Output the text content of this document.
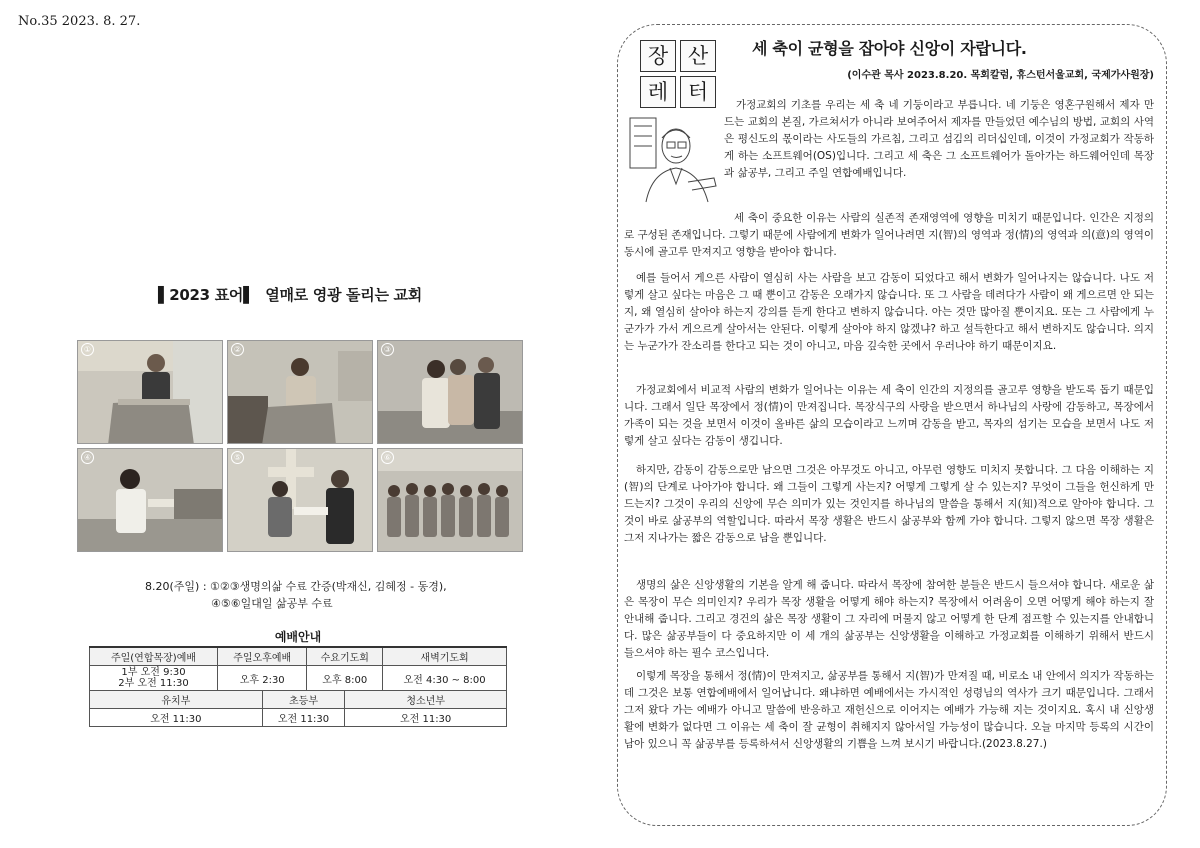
No.35 2023. 8. 27.
▌2023 표어▌ 열매로 영광 돌리는 교회
①	②	③
④	⑤	⑥
8.20(주일) : ①②③생명의삶 수료 간증(박재신, 김혜정 - 동경),
④⑤⑥일대일 삶공부 수료
예배안내					
주일(연합목장)예배	주일오후예배		수요기도회		새벽기도회

1부 오전 9:30
2부 오전 11:30	오후 2:30		오후 8:00		오전 4:30 ~ 8:00
유치부		초등부		청소년부	
오전 11:30		오전 11:30		오전 11:30	
장 산
레 터
세 축이 균형을 잡아야 신앙이 자랍니다.
(이수관 목사 2023.8.20. 목회칼럼, 휴스턴서울교회, 국제가사원장)

가정교회의 기초를 우리는 세 축 네 기둥이라고 부릅니다. 네 기둥은 영혼구원해서 제자 만드는 교회의 본질, 가르쳐서가 아니라 보여주어서 제자를 만들었던 예수님의 방법, 교회의 사역은 평신도의 몫이라는 사도들의 가르침, 그리고 섬김의 리더십인데, 이것이 가정교회가 작동하게 하는 소프트웨어(OS)입니다. 그리고 세 축은 그 소프트웨어가 돌아가는 하드웨어인데 목장과 삶공부, 그리고 주일 연합예배입니다.

세 축이 중요한 이유는 사람의 실존적 존재영역에 영향을 미치기 때문입니다. 인간은 지정의로 구성된 존재입니다. 그렇기 때문에 사람에게 변화가 일어나려면 지(智)의 영역과 정(情)의 영역과 의(意)의 영역이 동시에 골고루 만져지고 영향을 받아야 합니다.

예를 들어서 게으른 사람이 열심히 사는 사람을 보고 감동이 되었다고 해서 변화가 일어나지는 않습니다. 나도 저렇게 살고 싶다는 마음은 그 때 뿐이고 감동은 오래가지 않습니다. 또 그 사람을 데려다가 사람이 왜 게으르면 안 되는지, 왜 열심히 살아야 하는지 강의를 듣게 한다고 변하지 않습니다. 아는 것만 많아질 뿐이지요. 또는 그 사람에게 누군가가 가서 게으르게 살아서는 안된다. 이렇게 살아야 하지 않겠냐? 하고 설득한다고 해서 변하지도 않습니다. 의지는 누군가가 잔소리를 한다고 되는 것이 아니고, 마음 깊숙한 곳에서 우러나야 하기 때문이지요.

가정교회에서 비교적 사람의 변화가 일어나는 이유는 세 축이 인간의 지정의를 골고루 영향을 받도록 돕기 때문입니다. 그래서 일단 목장에서 정(情)이 만져집니다. 목장식구의 사랑을 받으면서 하나님의 사랑에 감동하고, 목장에서 가족이 되는 것을 보면서 이것이 올바른 삶의 모습이라고 느끼며 감동을 받고, 목자의 섬기는 모습을 보면서 나도 저렇게 살고 싶다는 감동이 생깁니다.

하지만, 감동이 감동으로만 남으면 그것은 아무것도 아니고, 아무런 영향도 미치지 못합니다. 그 다음 이해하는 지(智)의 단계로 나아가야 합니다. 왜 그들이 그렇게 사는지? 어떻게 그렇게 살 수 있는지? 무엇이 그들을 헌신하게 만드는지? 그것이 우리의 신앙에 무슨 의미가 있는 것인지를 하나님의 말씀을 통해서 지(知)적으로 알아야 합니다. 그것이 바로 삶공부의 역할입니다. 따라서 목장 생활은 반드시 삶공부와 함께 가야 합니다. 그렇지 않으면 목장 생활은 그저 지나가는 짧은 감동으로 남을 뿐입니다.

생명의 삶은 신앙생활의 기본을 알게 해 줍니다. 따라서 목장에 참여한 분들은 반드시 들으셔야 합니다. 새로운 삶은 목장이 무슨 의미인지? 우리가 목장 생활을 어떻게 해야 하는지? 목장에서 어려움이 오면 어떻게 해야 하는지 잘 안내해 줍니다. 그리고 경건의 삶은 목장 생활이 그 자리에 머물지 않고 어떻게 한 단계 점프할 수 있는지를 안내합니다. 많은 삶공부들이 다 중요하지만 이 세 개의 삶공부는 신앙생활을 이해하고 가정교회를 이해하기 위해서 반드시 들으셔야 하는 필수 코스입니다.

이렇게 목장을 통해서 정(情)이 만져지고, 삶공부를 통해서 지(智)가 만져질 때, 비로소 내 안에서 의지가 작동하는데 그것은 보통 연합예배에서 일어납니다. 왜냐하면 예배에서는 가시적인 성령님의 역사가 크기 때문입니다. 그래서 그저 왔다 가는 예배가 아니고 말씀에 반응하고 재헌신으로 이어지는 예배가 가능해 지는 것이지요. 혹시 내 신앙생활에 변화가 없다면 그 이유는 세 축이 잘 균형이 취해지지 않아서일 가능성이 많습니다. 오늘 마지막 등록의 시간이 남아 있으니 꼭 삶공부를 등록하셔서 신앙생활의 기쁨을 느껴 보시기 바랍니다.(2023.8.27.)
